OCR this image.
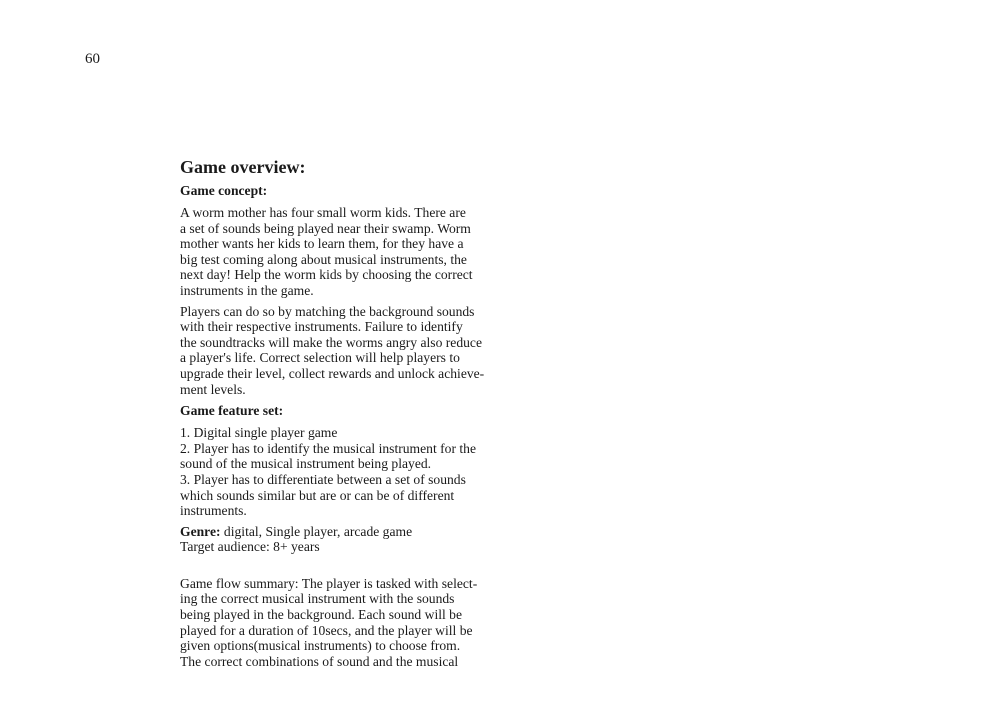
60
Game overview:
Game concept:

A worm mother has four small worm kids. There are
a set of sounds being played near their swamp. Worm
mother wants her kids to learn them, for they have a
big test coming along about musical instruments, the
next day! Help the worm kids by choosing the correct
instruments in the game.

Players can do so by matching the background sounds
with their respective instruments. Failure to identify
the soundtracks will make the worms angry also reduce
a player's life. Correct selection will help players to
upgrade their level, collect rewards and unlock achieve-
ment levels.

Game feature set:

1. Digital single player game
2. Player has to identify the musical instrument for the
sound of the musical instrument being played.
3. Player has to differentiate between a set of sounds
which sounds similar but are or can be of different
instruments.

Genre: digital, Single player, arcade game
Target audience: 8+ years

Game flow summary: The player is tasked with select-
ing the correct musical instrument with the sounds
being played in the background. Each sound will be
played for a duration of 10secs, and the player will be
given options(musical instruments) to choose from.
The correct combinations of sound and the musical
